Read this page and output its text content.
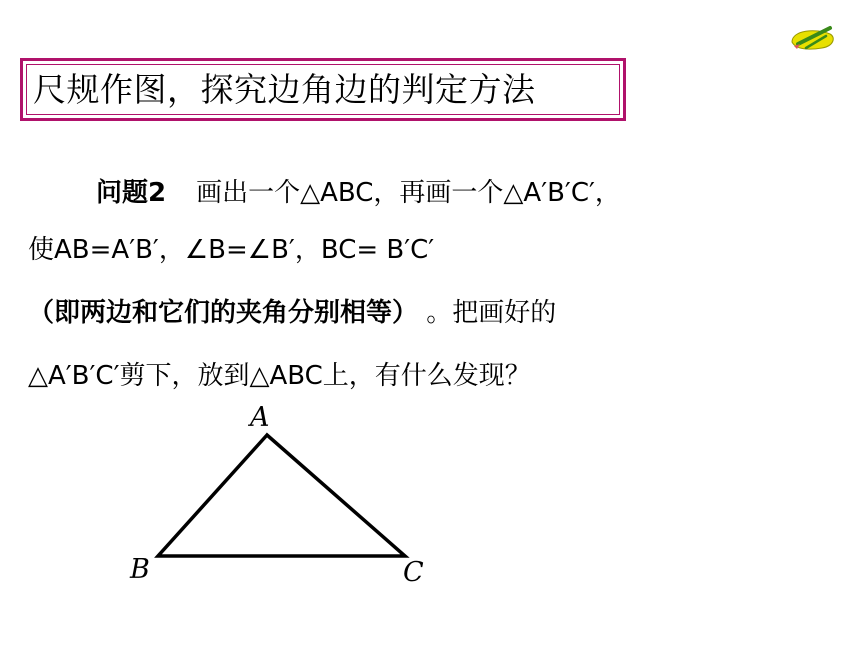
尺规作图，探究边角边的判定方法
问题2 画出一个△ABC，再画一个△A′B′C′，
使AB=A′B′，∠B=∠B′，BC= B′C′
（即两边和它们的夹角分别相等） 。把画好的
△A′B′C′剪下，放到△ABC上，有什么发现？
A
B	C
